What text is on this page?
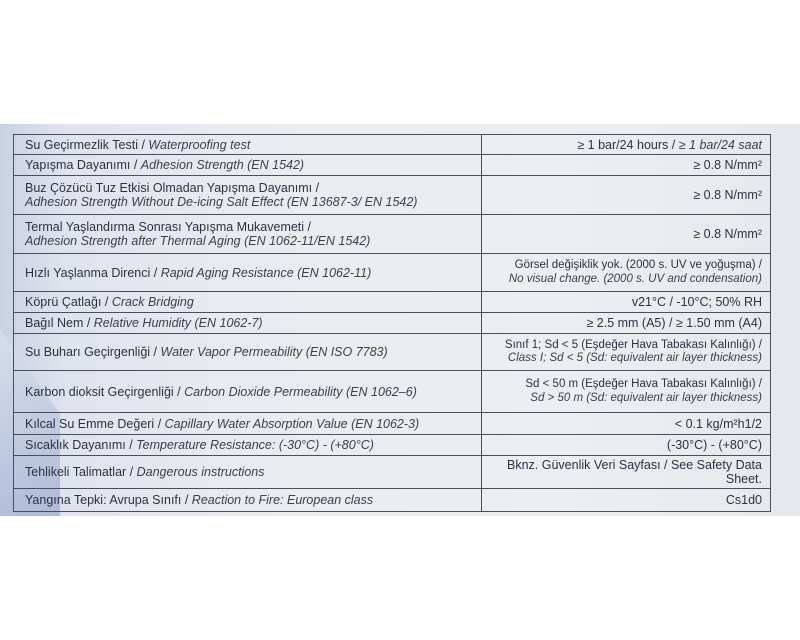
Su Geçirmezlik Testi / Waterproofing test	≥ 1 bar/24 hours / ≥ 1 bar/24 saat
Yapışma Dayanımı / Adhesion Strength (EN 1542)	≥ 0.8 N/mm²
Buz Çözücü Tuz Etkisi Olmadan Yapışma Dayanımı /
Adhesion Strength Without De-icing Salt Effect (EN 13687-3/ EN 1542)	≥ 0.8 N/mm²
Termal Yaşlandırma Sonrası Yapışma Mukavemeti /
Adhesion Strength after Thermal Aging (EN 1062-11/EN 1542)	≥ 0.8 N/mm²
Hızlı Yaşlanma Direnci / Rapid Aging Resistance (EN 1062-11)	Görsel değişiklik yok. (2000 s. UV ve yoğuşma) /
No visual change. (2000 s. UV and condensation)

Köprü Çatlağı / Crack Bridging	v21°C / -10°C; 50% RH
Bağıl Nem / Relative Humidity (EN 1062-7)	≥ 2.5 mm (A5) / ≥ 1.50 mm (A4)
Su Buharı Geçirgenliği / Water Vapor Permeability (EN ISO 7783)	Sınıf 1; Sd < 5 (Eşdeğer Hava Tabakası Kalınlığı) /
Class I; Sd < 5 (Sd: equivalent air layer thickness)

Karbon dioksit Geçirgenliği / Carbon Dioxide Permeability (EN 1062–6)	Sd < 50 m (Eşdeğer Hava Tabakası Kalınlığı) /
Sd > 50 m (Sd: equivalent air layer thickness)

Kılcal Su Emme Değeri / Capillary Water Absorption Value (EN 1062-3)	< 0.1 kg/m²h1/2
Sıcaklık Dayanımı / Temperature Resistance: (-30°C) - (+80°C)	(-30°C) - (+80°C)
Tehlikeli Talimatlar / Dangerous instructions	Bknz. Güvenlik Veri Sayfası / See Safety Data Sheet.
Yangına Tepki: Avrupa Sınıfı / Reaction to Fire: European class	Cs1d0
